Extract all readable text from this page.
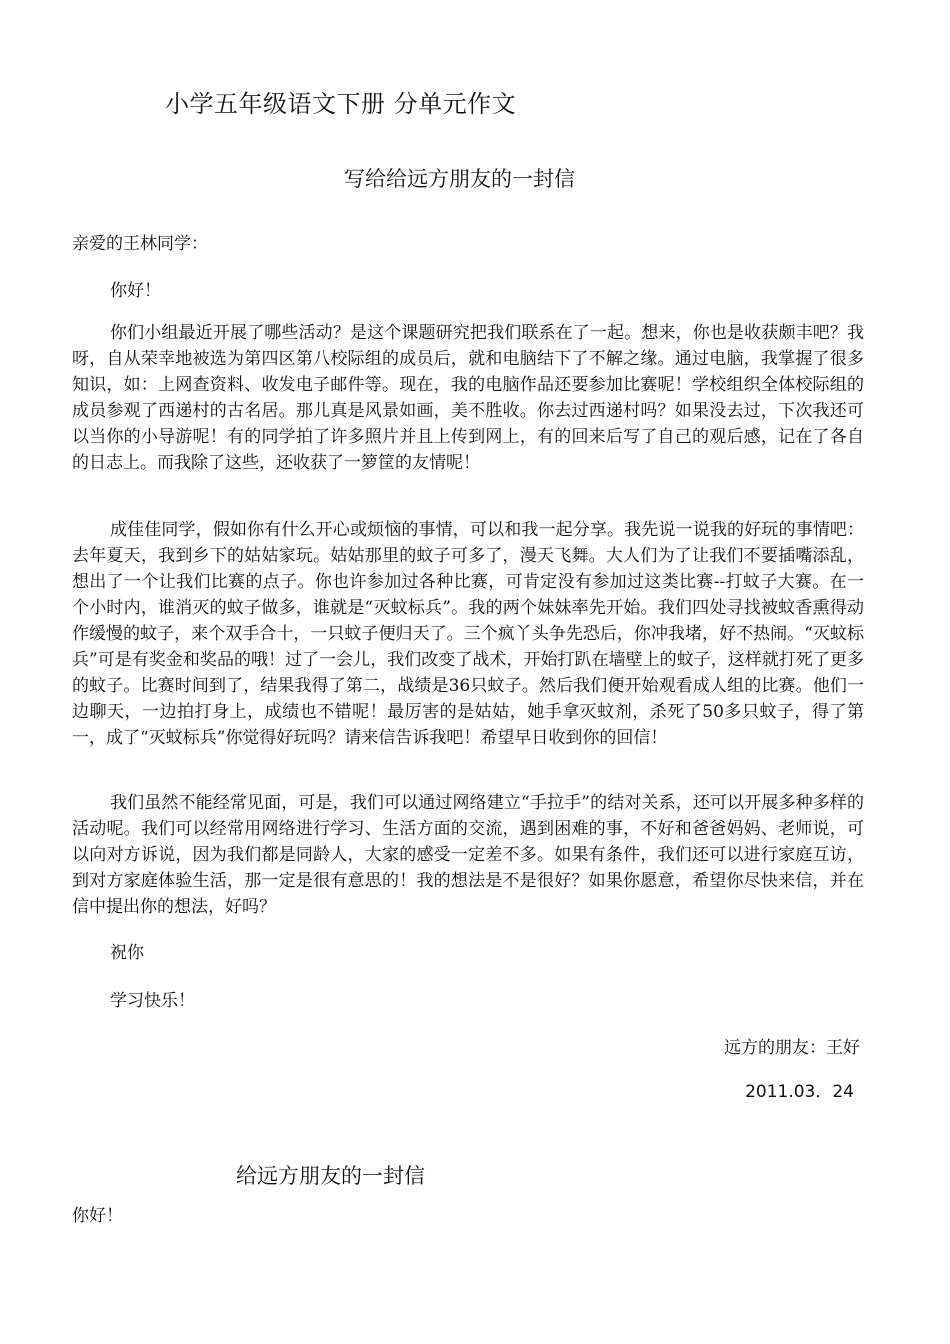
小学五年级语文下册 分单元作文
写给给远方朋友的一封信
亲爱的王林同学：
你好！

你们小组最近开展了哪些活动？是这个课题研究把我们联系在了一起。想来，你也是收获颇丰吧？我呀，自从荣幸地被选为第四区第八校际组的成员后，就和电脑结下了不解之缘。通过电脑，我掌握了很多知识，如：上网查资料、收发电子邮件等。现在，我的电脑作品还要参加比赛呢！学校组织全体校际组的成员参观了西递村的古名居。那儿真是风景如画，美不胜收。你去过西递村吗？如果没去过，下次我还可以当你的小导游呢！有的同学拍了许多照片并且上传到网上，有的回来后写了自己的观后感，记在了各自的日志上。而我除了这些，还收获了一箩筐的友情呢！

成佳佳同学，假如你有什么开心或烦恼的事情，可以和我一起分享。我先说一说我的好玩的事情吧：去年夏天，我到乡下的姑姑家玩。姑姑那里的蚊子可多了，漫天飞舞。大人们为了让我们不要插嘴添乱，想出了一个让我们比赛的点子。你也许参加过各种比赛，可肯定没有参加过这类比赛--打蚊子大赛。在一个小时内，谁消灭的蚊子做多，谁就是“灭蚊标兵”。我的两个妹妹率先开始。我们四处寻找被蚊香熏得动作缓慢的蚊子，来个双手合十，一只蚊子便归天了。三个疯丫头争先恐后，你冲我堵，好不热闹。“灭蚊标兵”可是有奖金和奖品的哦！过了一会儿，我们改变了战术，开始打趴在墙壁上的蚊子，这样就打死了更多的蚊子。比赛时间到了，结果我得了第二，战绩是36只蚊子。然后我们便开始观看成人组的比赛。他们一边聊天，一边拍打身上，成绩也不错呢！最厉害的是姑姑，她手拿灭蚊剂，杀死了50多只蚊子，得了第一，成了“灭蚊标兵”你觉得好玩吗？请来信告诉我吧！希望早日收到你的回信！

我们虽然不能经常见面，可是，我们可以通过网络建立“手拉手”的结对关系，还可以开展多种多样的活动呢。我们可以经常用网络进行学习、生活方面的交流，遇到困难的事，不好和爸爸妈妈、老师说，可以向对方诉说，因为我们都是同龄人，大家的感受一定差不多。如果有条件，我们还可以进行家庭互访，到对方家庭体验生活，那一定是很有意思的！我的想法是不是很好？如果你愿意，希望你尽快来信，并在信中提出你的想法，好吗？

祝你
学习快乐！
远方的朋友：王好
2011.03．24
给远方朋友的一封信
你好！
